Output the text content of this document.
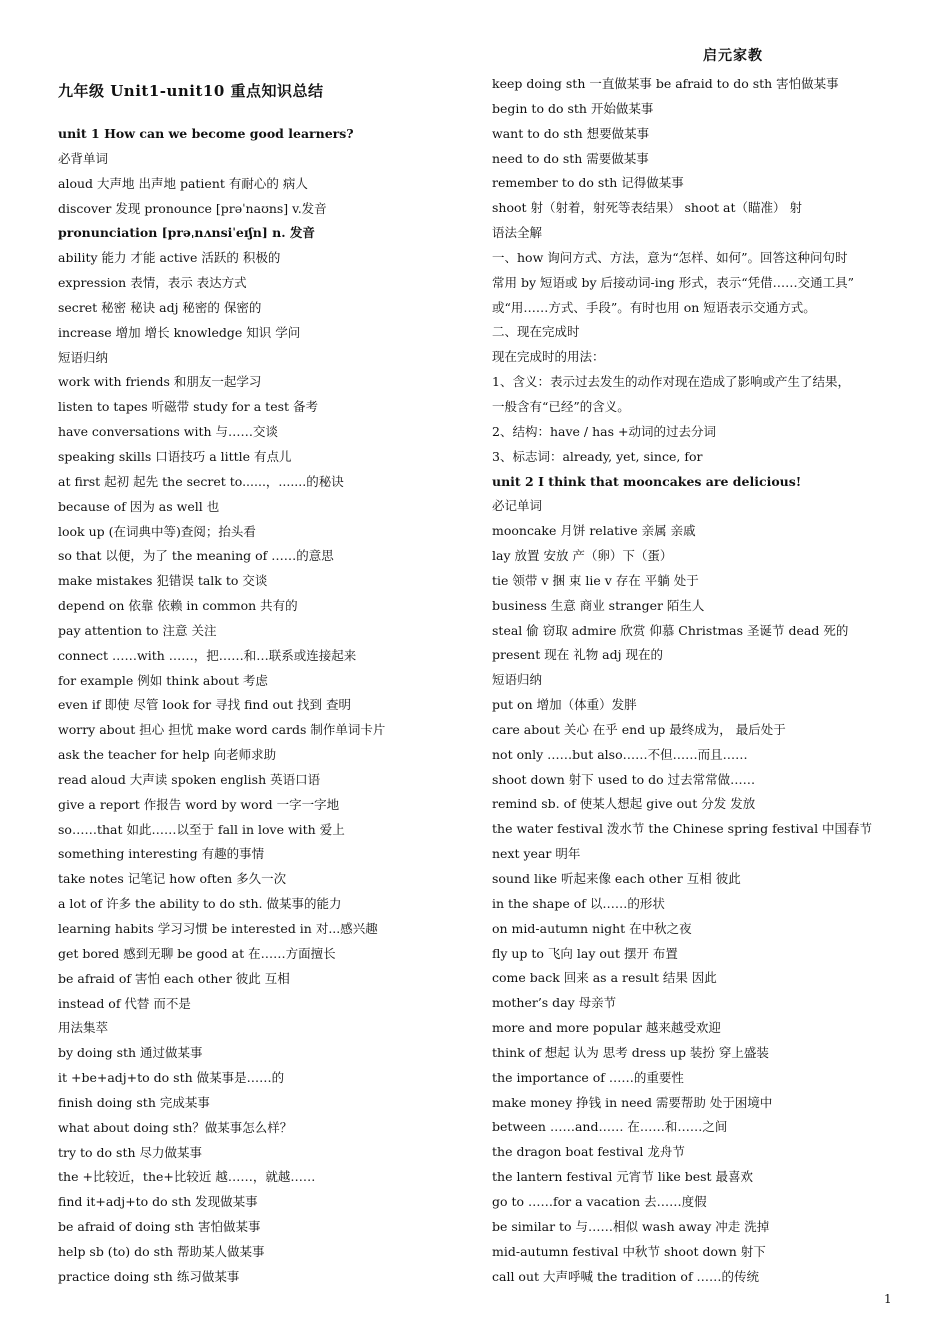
启元家教
九年级 Unit1-unit10 重点知识总结
unit 1 How can we become good learners?
必背单词
aloud 大声地 出声地 patient 有耐心的 病人
discover 发现 pronounce [prəˈnaʊns] v.发音
pronunciation [prəˌnʌnsiˈeɪʃn] n. 发音
ability 能力 才能 active 活跃的 积极的
expression 表情，表示 表达方式
secret 秘密 秘诀 adj 秘密的 保密的
increase 增加 增长 knowledge 知识 学问
短语归纳
work with friends 和朋友一起学习
listen to tapes 听磁带 study for a test 备考
have conversations with 与……交谈
speaking skills 口语技巧 a little 有点儿
at first 起初 起先 the secret to......，.......的秘诀
because of 因为 as well 也
look up (在词典中等)查阅；抬头看
so that 以便，为了 the meaning of ……的意思
make mistakes 犯错误 talk to 交谈
depend on 依靠 依赖 in common 共有的
pay attention to 注意 关注
connect ……with ……，把……和…联系或连接起来
for example 例如 think about 考虑
even if 即使 尽管 look for 寻找 find out 找到 查明
worry about 担心 担忧 make word cards 制作单词卡片
ask the teacher for help 向老师求助
read aloud 大声读 spoken english 英语口语
give a report 作报告 word by word 一字一字地
so……that 如此……以至于 fall in love with 爱上
something interesting 有趣的事情
take notes 记笔记 how often 多久一次
a lot of 许多 the ability to do sth. 做某事的能力
learning habits 学习习惯 be interested in 对...感兴趣
get bored 感到无聊 be good at 在……方面擅长
be afraid of 害怕 each other 彼此 互相
instead of 代替 而不是
用法集萃
by doing sth 通过做某事
it +be+adj+to do sth 做某事是……的
finish doing sth 完成某事
what about doing sth？做某事怎么样？
try to do sth 尽力做某事
the +比较近，the+比较近 越……，就越……
find it+adj+to do sth 发现做某事
be afraid of doing sth 害怕做某事
help sb (to) do sth 帮助某人做某事
practice doing sth 练习做某事
keep doing sth 一直做某事 be afraid to do sth 害怕做某事
begin to do sth 开始做某事
want to do sth 想要做某事
need to do sth 需要做某事
remember to do sth 记得做某事
shoot 射（射着，射死等表结果） shoot at（瞄准） 射
语法全解
一、how 询问方式、方法，意为“怎样、如何”。回答这种问句时
常用 by 短语或 by 后接动词-ing 形式，表示“凭借……交通工具”
或“用……方式、手段”。有时也用 on 短语表示交通方式。
二、现在完成时
现在完成时的用法：
1、含义：表示过去发生的动作对现在造成了影响或产生了结果，
一般含有“已经”的含义。
2、结构：have / has +动词的过去分词
3、标志词：already, yet, since, for
unit 2 I think that mooncakes are delicious!
必记单词
mooncake 月饼 relative 亲属 亲戚
lay 放置 安放 产（卵）下（蛋）
tie 领带 v 捆 束 lie v 存在 平躺 处于
business 生意 商业 stranger 陌生人
steal 偷 窃取 admire 欣赏 仰慕 Christmas 圣诞节 dead 死的
present 现在 礼物 adj 现在的
短语归纳
put on 增加（体重）发胖
care about 关心 在乎 end up 最终成为， 最后处于
not only ……but also……不但……而且……
shoot down 射下 used to do 过去常常做……
remind sb. of 使某人想起 give out 分发 发放
the water festival 泼水节 the Chinese spring festival 中国春节
next year 明年
sound like 听起来像 each other 互相 彼此
in the shape of 以……的形状
on mid-autumn night 在中秋之夜
fly up to 飞向 lay out 摆开 布置
come back 回来 as a result 结果 因此
mother’s day 母亲节
more and more popular 越来越受欢迎
think of 想起 认为 思考 dress up 装扮 穿上盛装
the importance of ……的重要性
make money 挣钱 in need 需要帮助 处于困境中
between ……and…… 在……和……之间
the dragon boat festival 龙舟节
the lantern festival 元宵节 like best 最喜欢
go to ……for a vacation 去……度假
be similar to 与……相似 wash away 冲走 洗掉
mid-autumn festival 中秋节 shoot down 射下
call out 大声呼喊 the tradition of ……的传统
1
